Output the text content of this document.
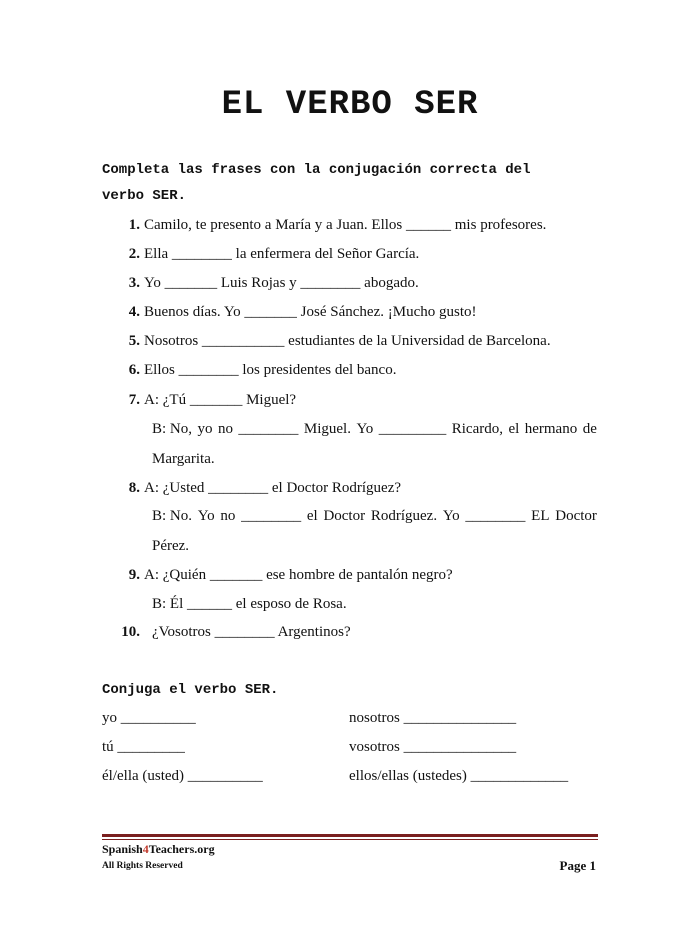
EL VERBO SER
Completa las frases con la conjugación correcta del
verbo SER.
1. Camilo, te presento a María y a Juan. Ellos ______ mis profesores.
2. Ella ________ la enfermera del Señor García.
3. Yo _______ Luis Rojas y ________ abogado.
4. Buenos días. Yo _______ José Sánchez. ¡Mucho gusto!
5. Nosotros ___________ estudiantes de la Universidad de Barcelona.
6. Ellos ________ los presidentes del banco.
7. A: ¿Tú _______ Miguel?
B: No, yo no ________ Miguel. Yo _________ Ricardo, el hermano de
Margarita.
8. A: ¿Usted ________ el Doctor Rodríguez?
B: No. Yo no ________ el Doctor Rodríguez. Yo ________ EL Doctor
Pérez.
9. A: ¿Quién _______ ese hombre de pantalón negro?
B: Él ______ el esposo de Rosa.
10. ¿Vosotros ________ Argentinos?
Conjuga el verbo SER.
yo __________	nosotros _______________
tú _________	vosotros _______________
él/ella (usted) __________	ellos/ellas (ustedes) _____________
Spanish4Teachers.org
All Rights Reserved	Page 1
